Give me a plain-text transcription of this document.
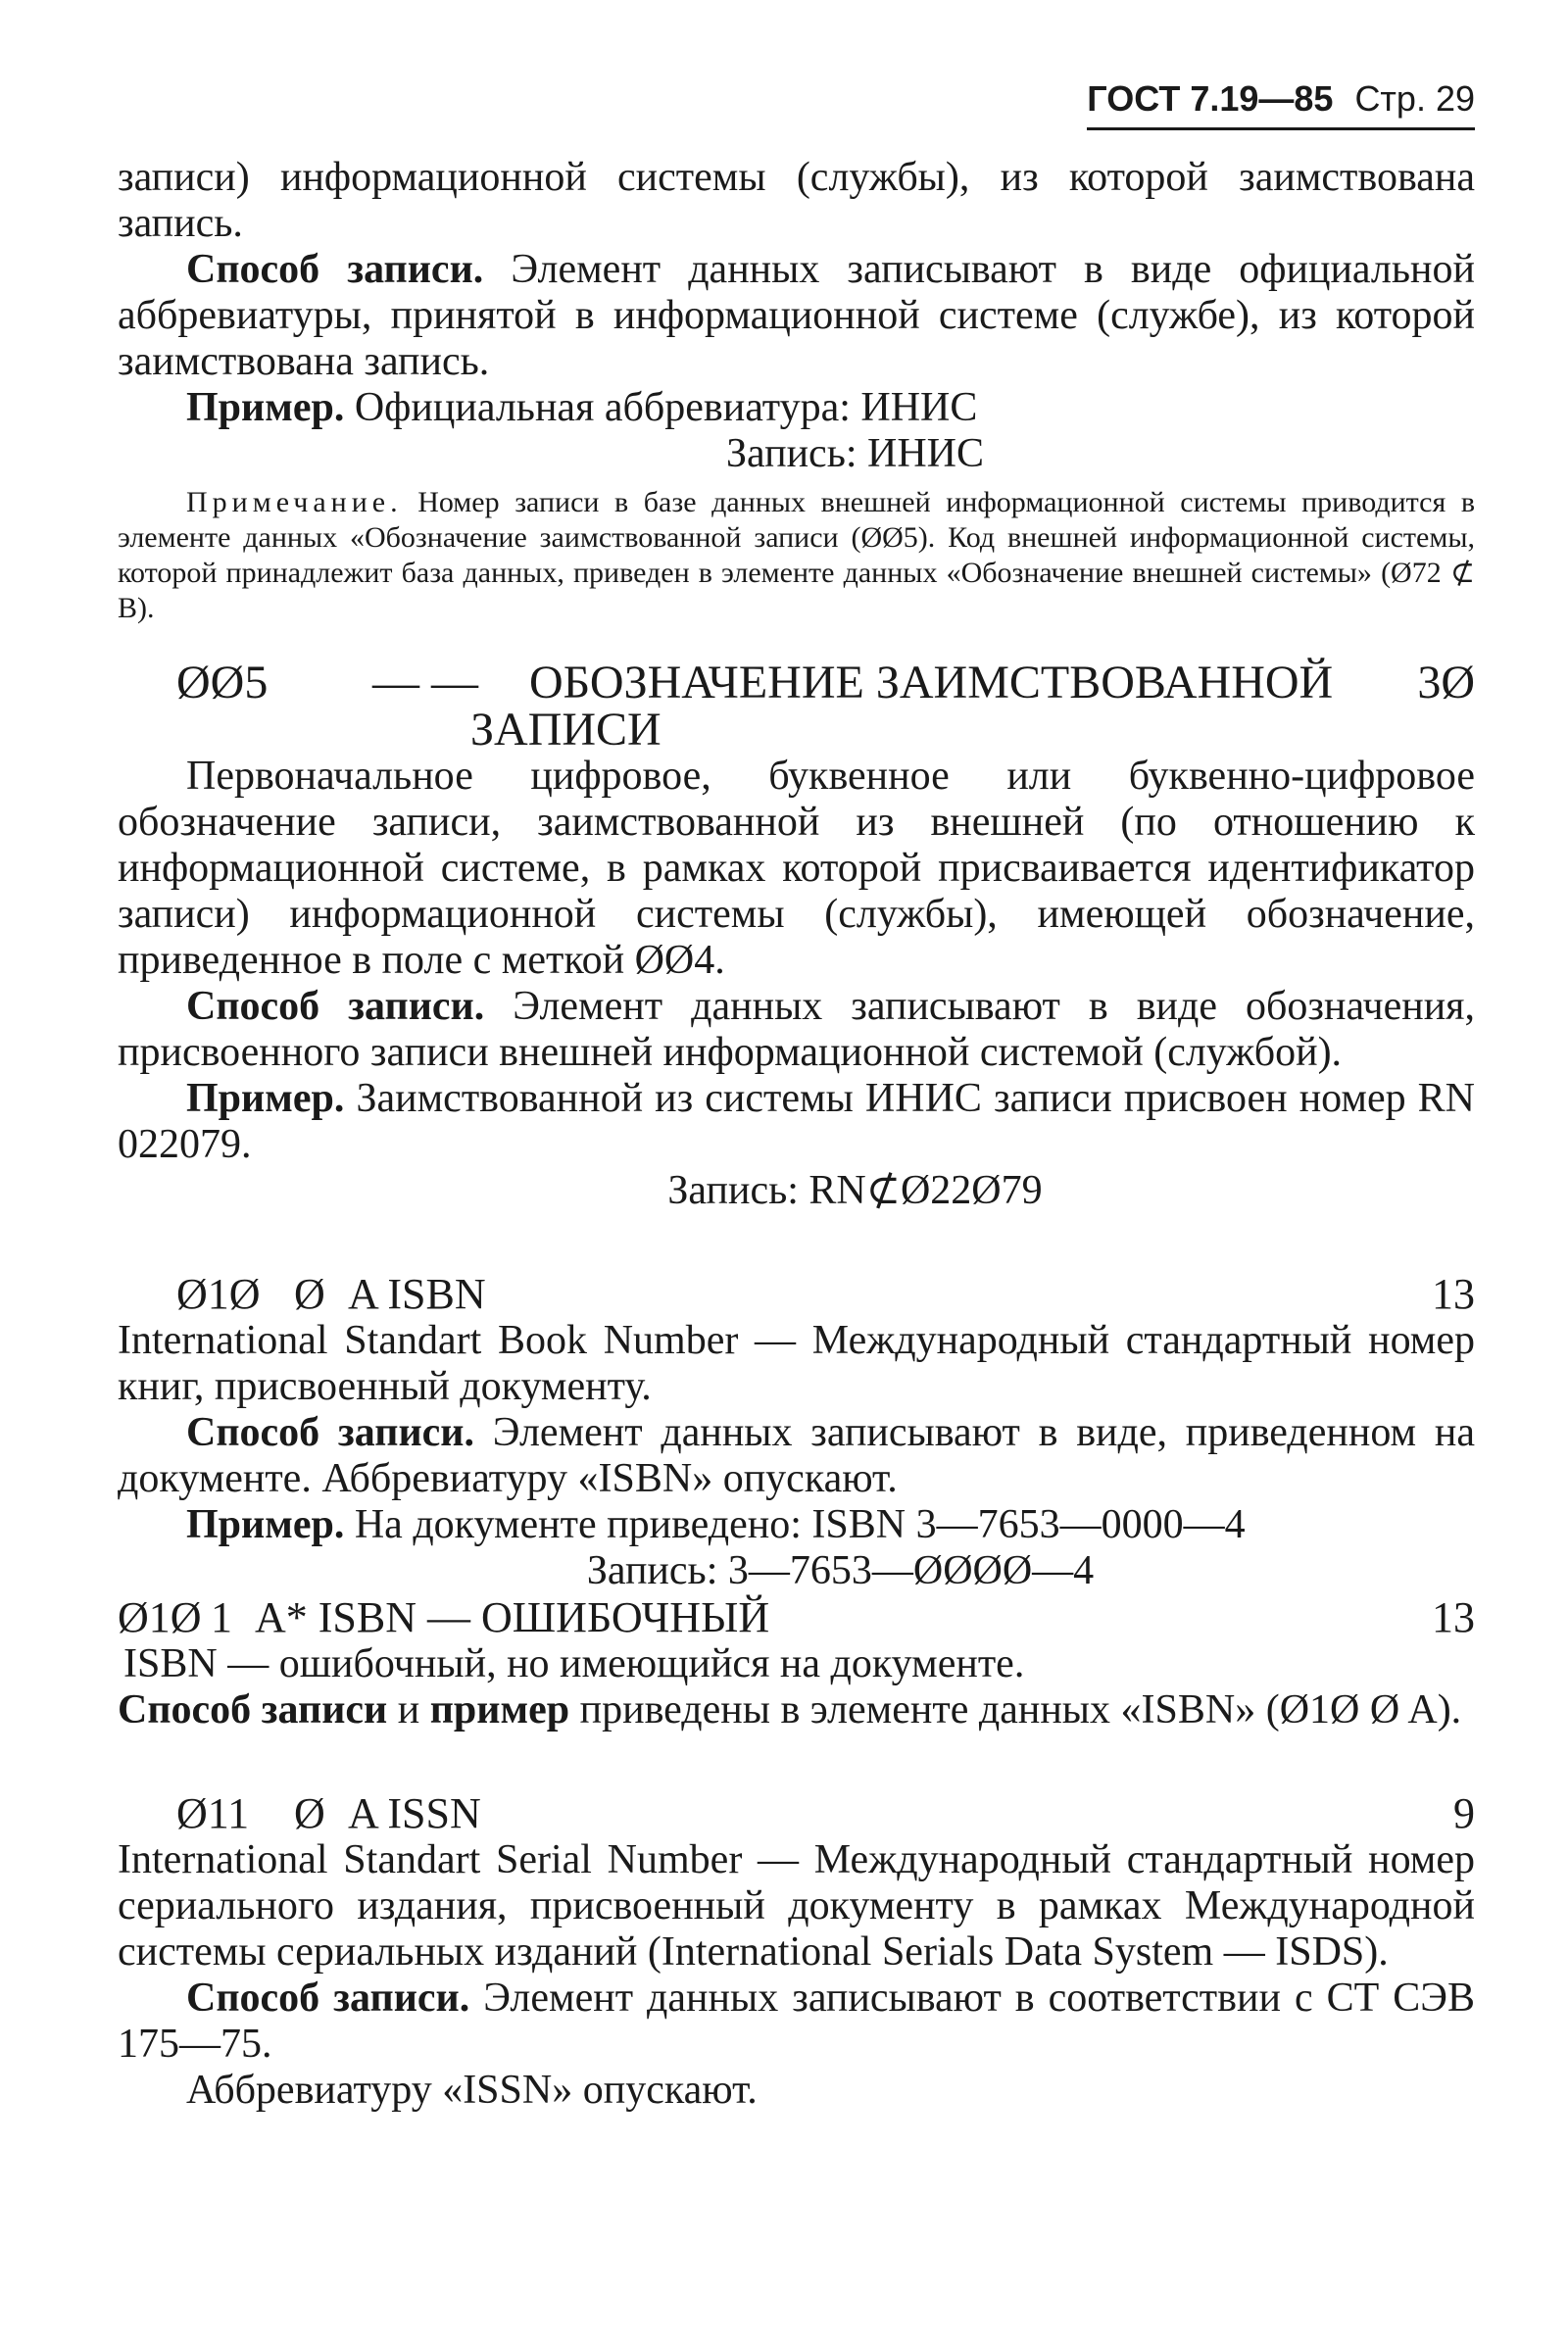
ГОСТ 7.19—85 Стр. 29

записи) информационной системы (службы), из которой заимствована запись.

Способ записи. Элемент данных записывают в виде официальной аббревиатуры, принятой в информационной системе (службе), из которой заимствована запись.

Пример. Официальная аббревиатура: ИНИС

Запись: ИНИС

Примечание. Номер записи в базе данных внешней информационной системы приводится в элементе данных «Обозначение заимствованной записи (ØØ5). Код внешней информационной системы, которой принадлежит база данных, приведен в элементе данных «Обозначение внешней системы» (Ø72 ⊄ B).

ØØ5	— —	ОБОЗНАЧЕНИЕ ЗАИМСТВОВАННОЙ	3Ø
ЗАПИСИ

Первоначальное цифровое, буквенное или буквенно-цифровое обозначение записи, заимствованной из внешней (по отношению к информационной системе, в рамках которой присваивается идентификатор записи) информационной системы (службы), имеющей обозначение, приведенное в поле с меткой ØØ4.

Способ записи. Элемент данных записывают в виде обозначения, присвоенного записи внешней информационной системой (службой).

Пример. Заимствованной из системы ИНИС записи присвоен номер RN 022079.

Запись: RN⊄Ø22Ø79

Ø1Ø Ø A ISBN	13

International Standart Book Number — Международный стандартный номер книг, присвоенный документу.

Способ записи. Элемент данных записывают в виде, приведенном на документе. Аббревиатуру «ISBN» опускают.

Пример. На документе приведено: ISBN 3—7653—0000—4

Запись: 3—7653—ØØØØ—4

Ø1Ø 1 A* ISBN — ОШИБОЧНЫЙ	13

ISBN — ошибочный, но имеющийся на документе.

Способ записи и пример приведены в элементе данных «ISBN» (Ø1Ø Ø A).

Ø11	Ø A ISSN	9

International Standart Serial Number — Международный стандартный номер сериального издания, присвоенный документу в рамках Международной системы сериальных изданий (International Serials Data System — ISDS).

Способ записи. Элемент данных записывают в соответствии с СТ СЭВ 175—75.

Аббревиатуру «ISSN» опускают.
